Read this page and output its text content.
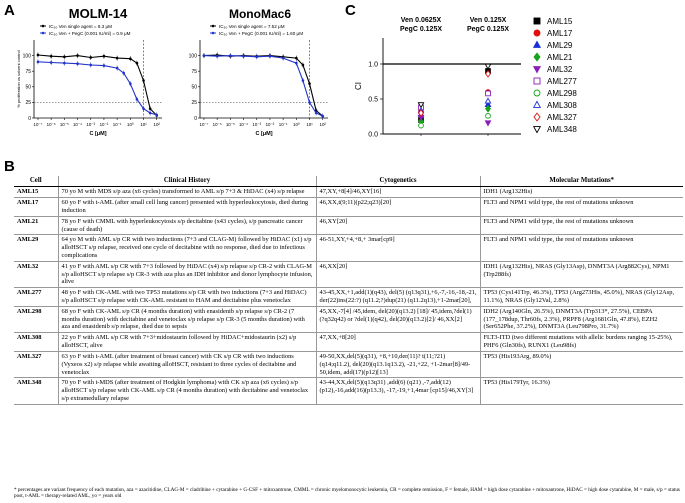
A	C
B
MOLM-14
IC₅₀ Ven single agent = 8.3 μM
IC₅₀ Ven + PegC (0.001 IU/ml) = 0.9 μM
0
25
50
75
100
10⁻⁷ 10⁻⁶ 10⁻⁵ 10⁻⁴ 10⁻³ 10⁻² 10⁻¹ 10⁰ 10¹ 10²
C [μM]
% proliferation vs solvent control
MonoMac6
IC₅₀ Ven single agent = 7.52 μM
IC₅₀ Ven + PegC (0.001 IU/ml) = 1.60 μM
0
25
50
75
100
10⁻⁷ 10⁻⁶ 10⁻⁵ 10⁻⁴ 10⁻³ 10⁻² 10⁻¹ 10⁰ 10¹ 10²
C [μM]
Ven 0.0625X
PegC 0.125X
Ven 0.125X
PegC 0.125X
0.0
0.5
1.0
CI
AML15
AML17
AML29
AML21
AML32
AML277
AML298
AML308
AML327
AML348
Cell	Clinical History	Cytogenetics	Molecular Mutations*
AML15	70 yo M with MDS s/p aza (x6 cycles) transformed to AML s/p 7+3 & HiDAC (x4) s/p relapse	47,XY,+8[4]/46,XY[16]	IDH1 (Arg132His)
AML17	60 yo F with t-AML (after small cell lung cancer) presented with hyperleukocytosis, died during induction	46,XX,t(9;11)(p22;q23)[20]	FLT3 and NPM1 wild type, the rest of mutations unknown
AML21	78 yo F with CMML with hyperleukocytosis s/p decitabine (x43 cycles), s/p pancreatic cancer (cause of death)	46,XY[20]	FLT3 and NPM1 wild type, the rest of mutations unknown
AML29	64 yo M with AML s/p CR with two inductions (7+3 and CLAG-M) followed by HiDAC (x1) s/p alloHSCT s/p relapse, received one cycle of decitabine with no response, died due to infectious complications	46-51,XY,+4,+8,+ 3mar[cp9]	FLT3 and NPM1 wild type, the rest of mutations unknown
AML32	41 yo F with AML s/p CR with 7+3 followed by HiDAC (x4) s/p relapse s/p CR-2 with CLAG-M s/p alloHSCT s/p relapse s/p CR-3 with aza plus an IDH inhibitor and donor lymphocyte infusion, alive	46,XX[20]	IDH1 (Arg132His), NRAS (Gly13Asp), DNMT3A (Arg882Cys), NPM1 (Trp288fs)
AML277	48 yo F with CK-AML with two TP53 mutations s/p CR with two inductions (7+3 and HiDAC) s/p alloHSCT s/p relapse with CK-AML resistant to HAM and decitabine plus venetoclax	43-45,XX,+1,add(1)(q43), del(5) (q13q31),+6,-7,-16,-18,-21, der(22)ins(22:?) (q11.2;?)dup(21) (q11.2q13),+1-2mar[20],	TP53 (Cys141Trp, 46.3%), TP53 (Arg273His, 45.0%), NRAS (Gly12Asp, 11.1%), NRAS (Gly12Val, 2.8%)
AML298	68 yo F with CK-AML s/p CR (4 months duration) with enasidenib s/p relapse s/p CR-2 (7 months duration) with decitabine and venetoclax s/p relapse s/p CR-3 (5 months duration) with aza and enasidenib s/p relapse, died due to sepsis	45,XX,-7[4] /45,idem, del(20)(q13.2) [18]/ 45,idem,?del(1)(?q32q42) or ?del(1)(q42), del(20)(q13.2)[2]/ 46,XX[2]	IDH2 (Arg140Gln, 26.5%), DNMT3A (Trp313*, 27.5%), CEBPA (177_178dup, Thr60fs, 2.3%), PRPF8 (Arg1681Gln, 47.8%), EZH2 (Ser652Phe, 37.2%), DNMT3A (Leu798Pro, 31.7%)
AML308	22 yo F with AML s/p CR with 7+3+midostaurin followed by HiDAC+midostaurin (x2) s/p alloHSCT, alive	47,XX,+8[20]	FLT3-ITD (two different mutations with allelic burdens ranging 15-25%), PHF6 (Gln30fs), RUNX1 (Leu98fs)
AML327	63 yo F with t-AML (after treatment of breast cancer) with CK s/p CR with two inductions (Vyxeos x2) s/p relapse while awaiting alloHSCT, resistant to three cycles of decitabine and venetoclax	49-50,XX,del(5)(q31), +8,+10,der(11)? t(11;?21)(q14;q11.2), del(20)(q13.1q13.2), -21,+22, +1-2mar[8]/49-50,idem, add(17)(p12)[13]	TP53 (His193Arg, 89.0%)
AML348	70 yo F with t-MDS (after treatment of Hodgkin lymphoma) with CK s/p aza (x6 cycles) s/p alloHSCT s/p relapse with CK-AML s/p CR (4 months duration) with decitabine and venetoclax s/p extramedullary relapse	43-44,XX,del(5)(q13q31) ,add(6) (q21) ,-7,add(12) (p12),-16,add(16)(p13.3), -17,-19,+1,4mar [cp15]/46,XY[3]	TP53 (His179Tyr, 16.3%)
* percentages are variant frequency of each mutation, aza = azacitidine, CLAG-M = cladribine + cytarabine + G-CSF + mitoxantrone, CMML = chronic myelomonocytic leukemia, CR = complete remission, F = female, HAM = high dose cytarabine + mitoxantrone, HiDAC = high dose cytarabine, M = male, s/p = status post, t-AML = therapy-related AML, yo = years old
